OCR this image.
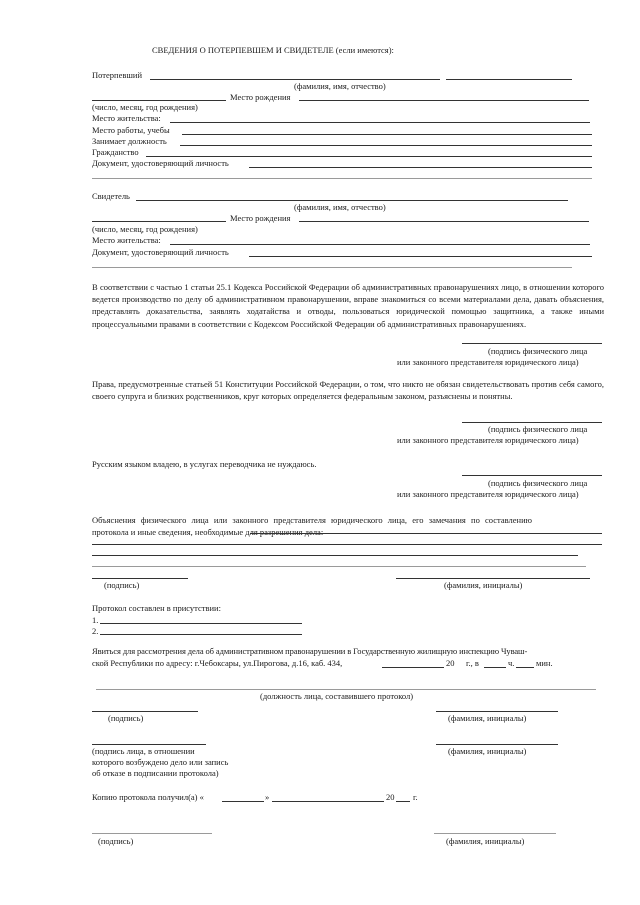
СВЕДЕНИЯ О ПОТЕРПЕВШЕМ И СВИДЕТЕЛЕ (если имеются):
Потерпевший
(фамилия, имя, отчество)
Место рождения
(число, месяц, год рождения)
Место жительства:
Место работы, учебы
Занимает должность
Гражданство
Документ, удостоверяющий личность
Свидетель
(фамилия, имя, отчество)
Место рождения
(число, месяц, год рождения)
Место жительства:
Документ, удостоверяющий личность
В соответствии с частью 1 статьи 25.1 Кодекса Российской Федерации об административных правонарушениях лицо, в отношении которого ведется производство по делу об административном правонарушении, вправе знакомиться со всеми материалами дела, давать объяснения, представлять доказательства, заявлять ходатайства и отводы, пользоваться юридической помощью защитника, а также иными процессуальными правами в соответствии с Кодексом Российской Федерации об административных правонарушениях.
(подпись физического лица
или законного представителя юридического лица)
Права, предусмотренные статьей 51 Конституции Российской Федерации, о том, что никто не обязан свидетельствовать против себя самого, своего супруга и близких родственников, круг которых определяется федеральным законом, разъяснены и понятны.
(подпись физического лица
или законного представителя юридического лица)
Русским языком владею, в услугах переводчика не нуждаюсь.
(подпись физического лица
или законного представителя юридического лица)
Объяснения физического лица или законного представителя юридического лица, его замечания по составлению протокола и иные сведения, необходимые для разрешения дела:
(подпись)	(фамилия, инициалы)
Протокол составлен в присутствии:
1.
2.
Явиться для рассмотрения дела об административном правонарушении в Государственную жилищную инспекцию Чуваш-
ской Республики по адресу: г.Чебоксары, ул.Пирогова, д.16, каб. 434,	20 г., в	ч.	мин.
(должность лица, составившего протокол)
(подпись)	(фамилия, инициалы)
(подпись лица, в отношении
которого возбуждено дело или запись
об отказе в подписании протокола)
(фамилия, инициалы)
Копию протокола получил(а) «	»	20 г.
(подпись)	(фамилия, инициалы)
